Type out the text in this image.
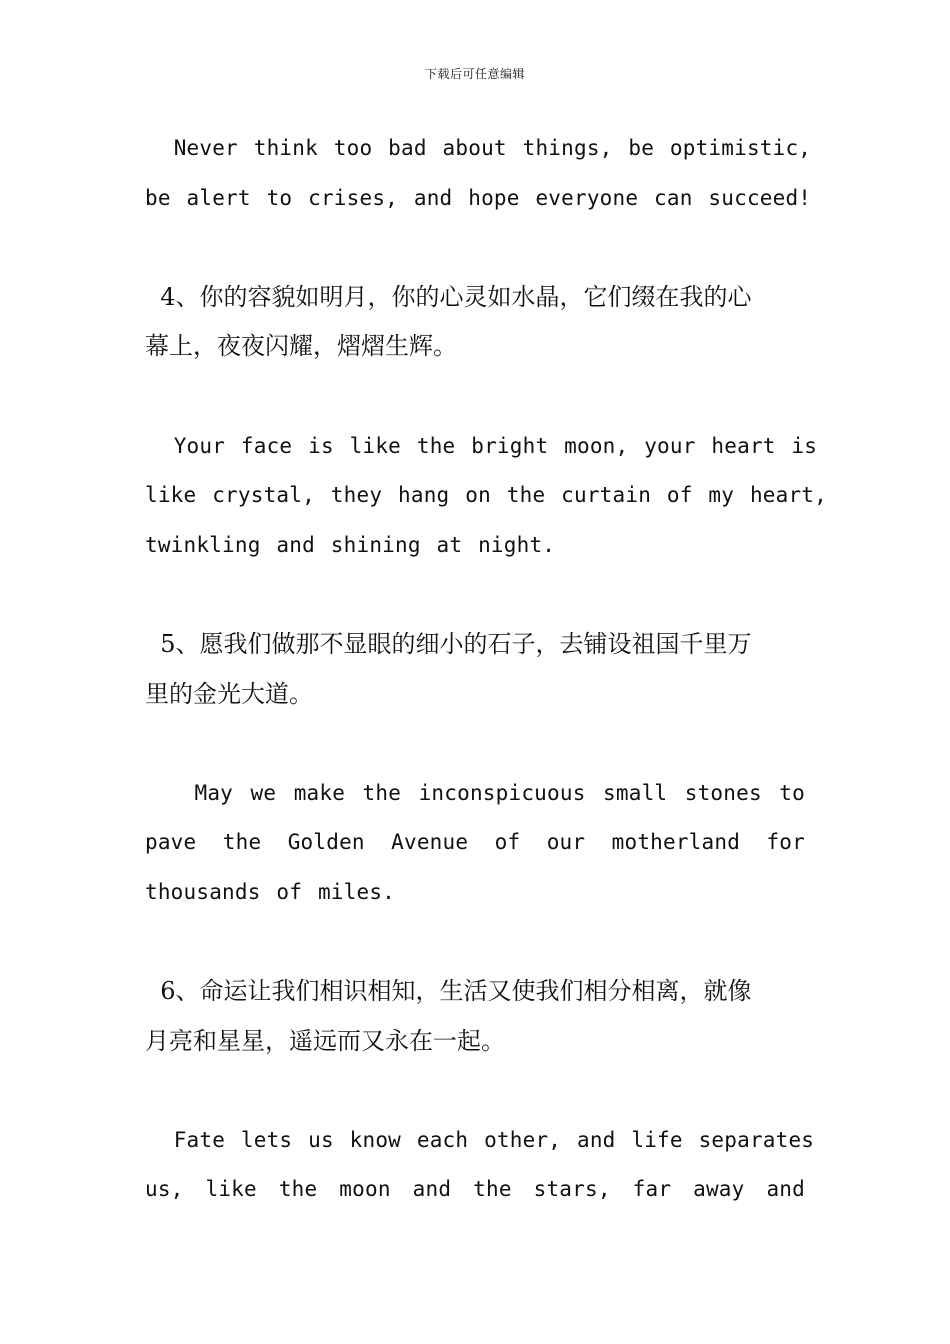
下载后可任意编辑
Never think too bad about things, be optimistic,
be alert to crises, and hope everyone can succeed!
4、你的容貌如明月，你的心灵如水晶，它们缀在我的心
幕上，夜夜闪耀，熠熠生辉。
Your face is like the bright moon, your heart is
like crystal, they hang on the curtain of my heart,
twinkling and shining at night.
5、愿我们做那不显眼的细小的石子，去铺设祖国千里万
里的金光大道。
May we make the inconspicuous small stones to
pave the Golden Avenue of our motherland for
thousands of miles.
6、命运让我们相识相知，生活又使我们相分相离，就像
月亮和星星，遥远而又永在一起。
Fate lets us know each other, and life separates
us, like the moon and the stars, far away and
